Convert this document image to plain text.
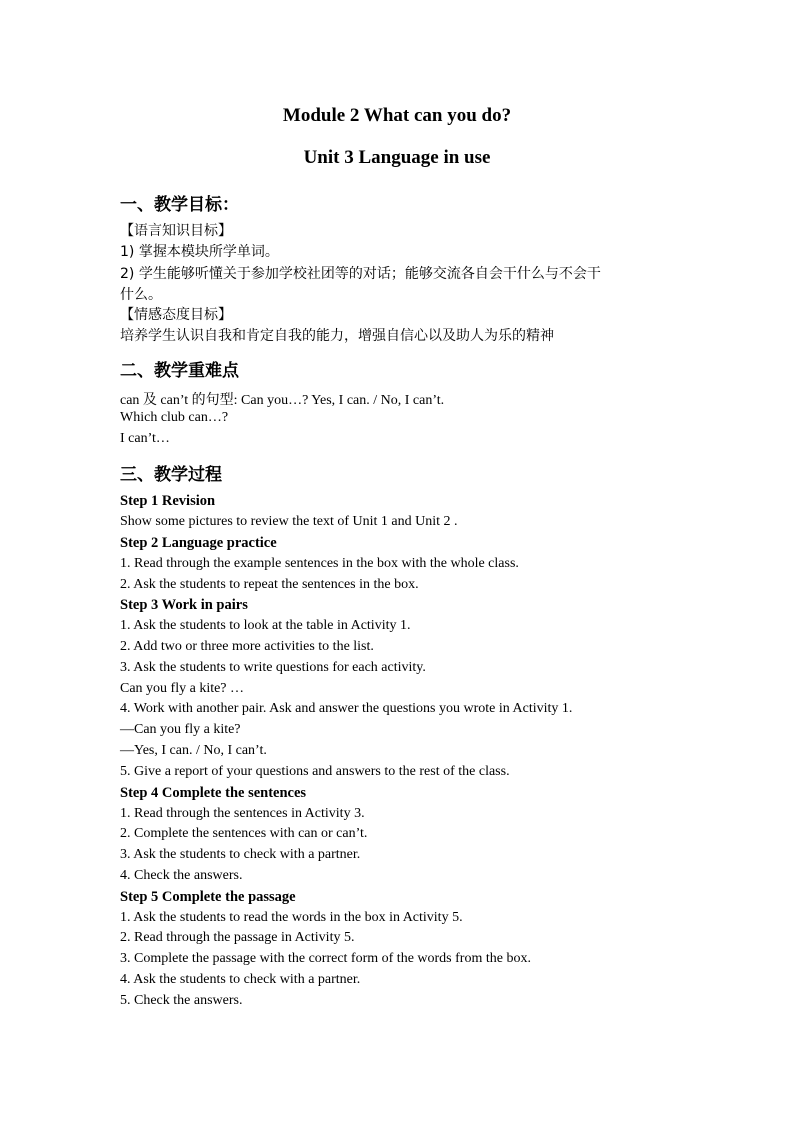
Module 2 What can you do?
Unit 3 Language in use
一、教学目标：
【语言知识目标】
1) 掌握本模块所学单词。
2) 学生能够听懂关于参加学校社团等的对话；能够交流各自会干什么与不会干
什么。
【情感态度目标】
培养学生认识自我和肯定自我的能力，增强自信心以及助人为乐的精神
二、教学重难点
can 及 can’t 的句型: Can you…? Yes, I can. / No, I can’t.
Which club can…?
I can’t…
三、教学过程
Step 1 Revision
Show some pictures to review the text of Unit 1 and Unit 2 .
Step 2 Language practice
1. Read through the example sentences in the box with the whole class.
2. Ask the students to repeat the sentences in the box.
Step 3 Work in pairs
1. Ask the students to look at the table in Activity 1.
2. Add two or three more activities to the list.
3. Ask the students to write questions for each activity.
Can you fly a kite? …
4. Work with another pair. Ask and answer the questions you wrote in Activity 1.
—Can you fly a kite?
—Yes, I can. / No, I can’t.
5. Give a report of your questions and answers to the rest of the class.
Step 4 Complete the sentences
1. Read through the sentences in Activity 3.
2. Complete the sentences with can or can’t.
3. Ask the students to check with a partner.
4. Check the answers.
Step 5 Complete the passage
1. Ask the students to read the words in the box in Activity 5.
2. Read through the passage in Activity 5.
3. Complete the passage with the correct form of the words from the box.
4. Ask the students to check with a partner.
5. Check the answers.
